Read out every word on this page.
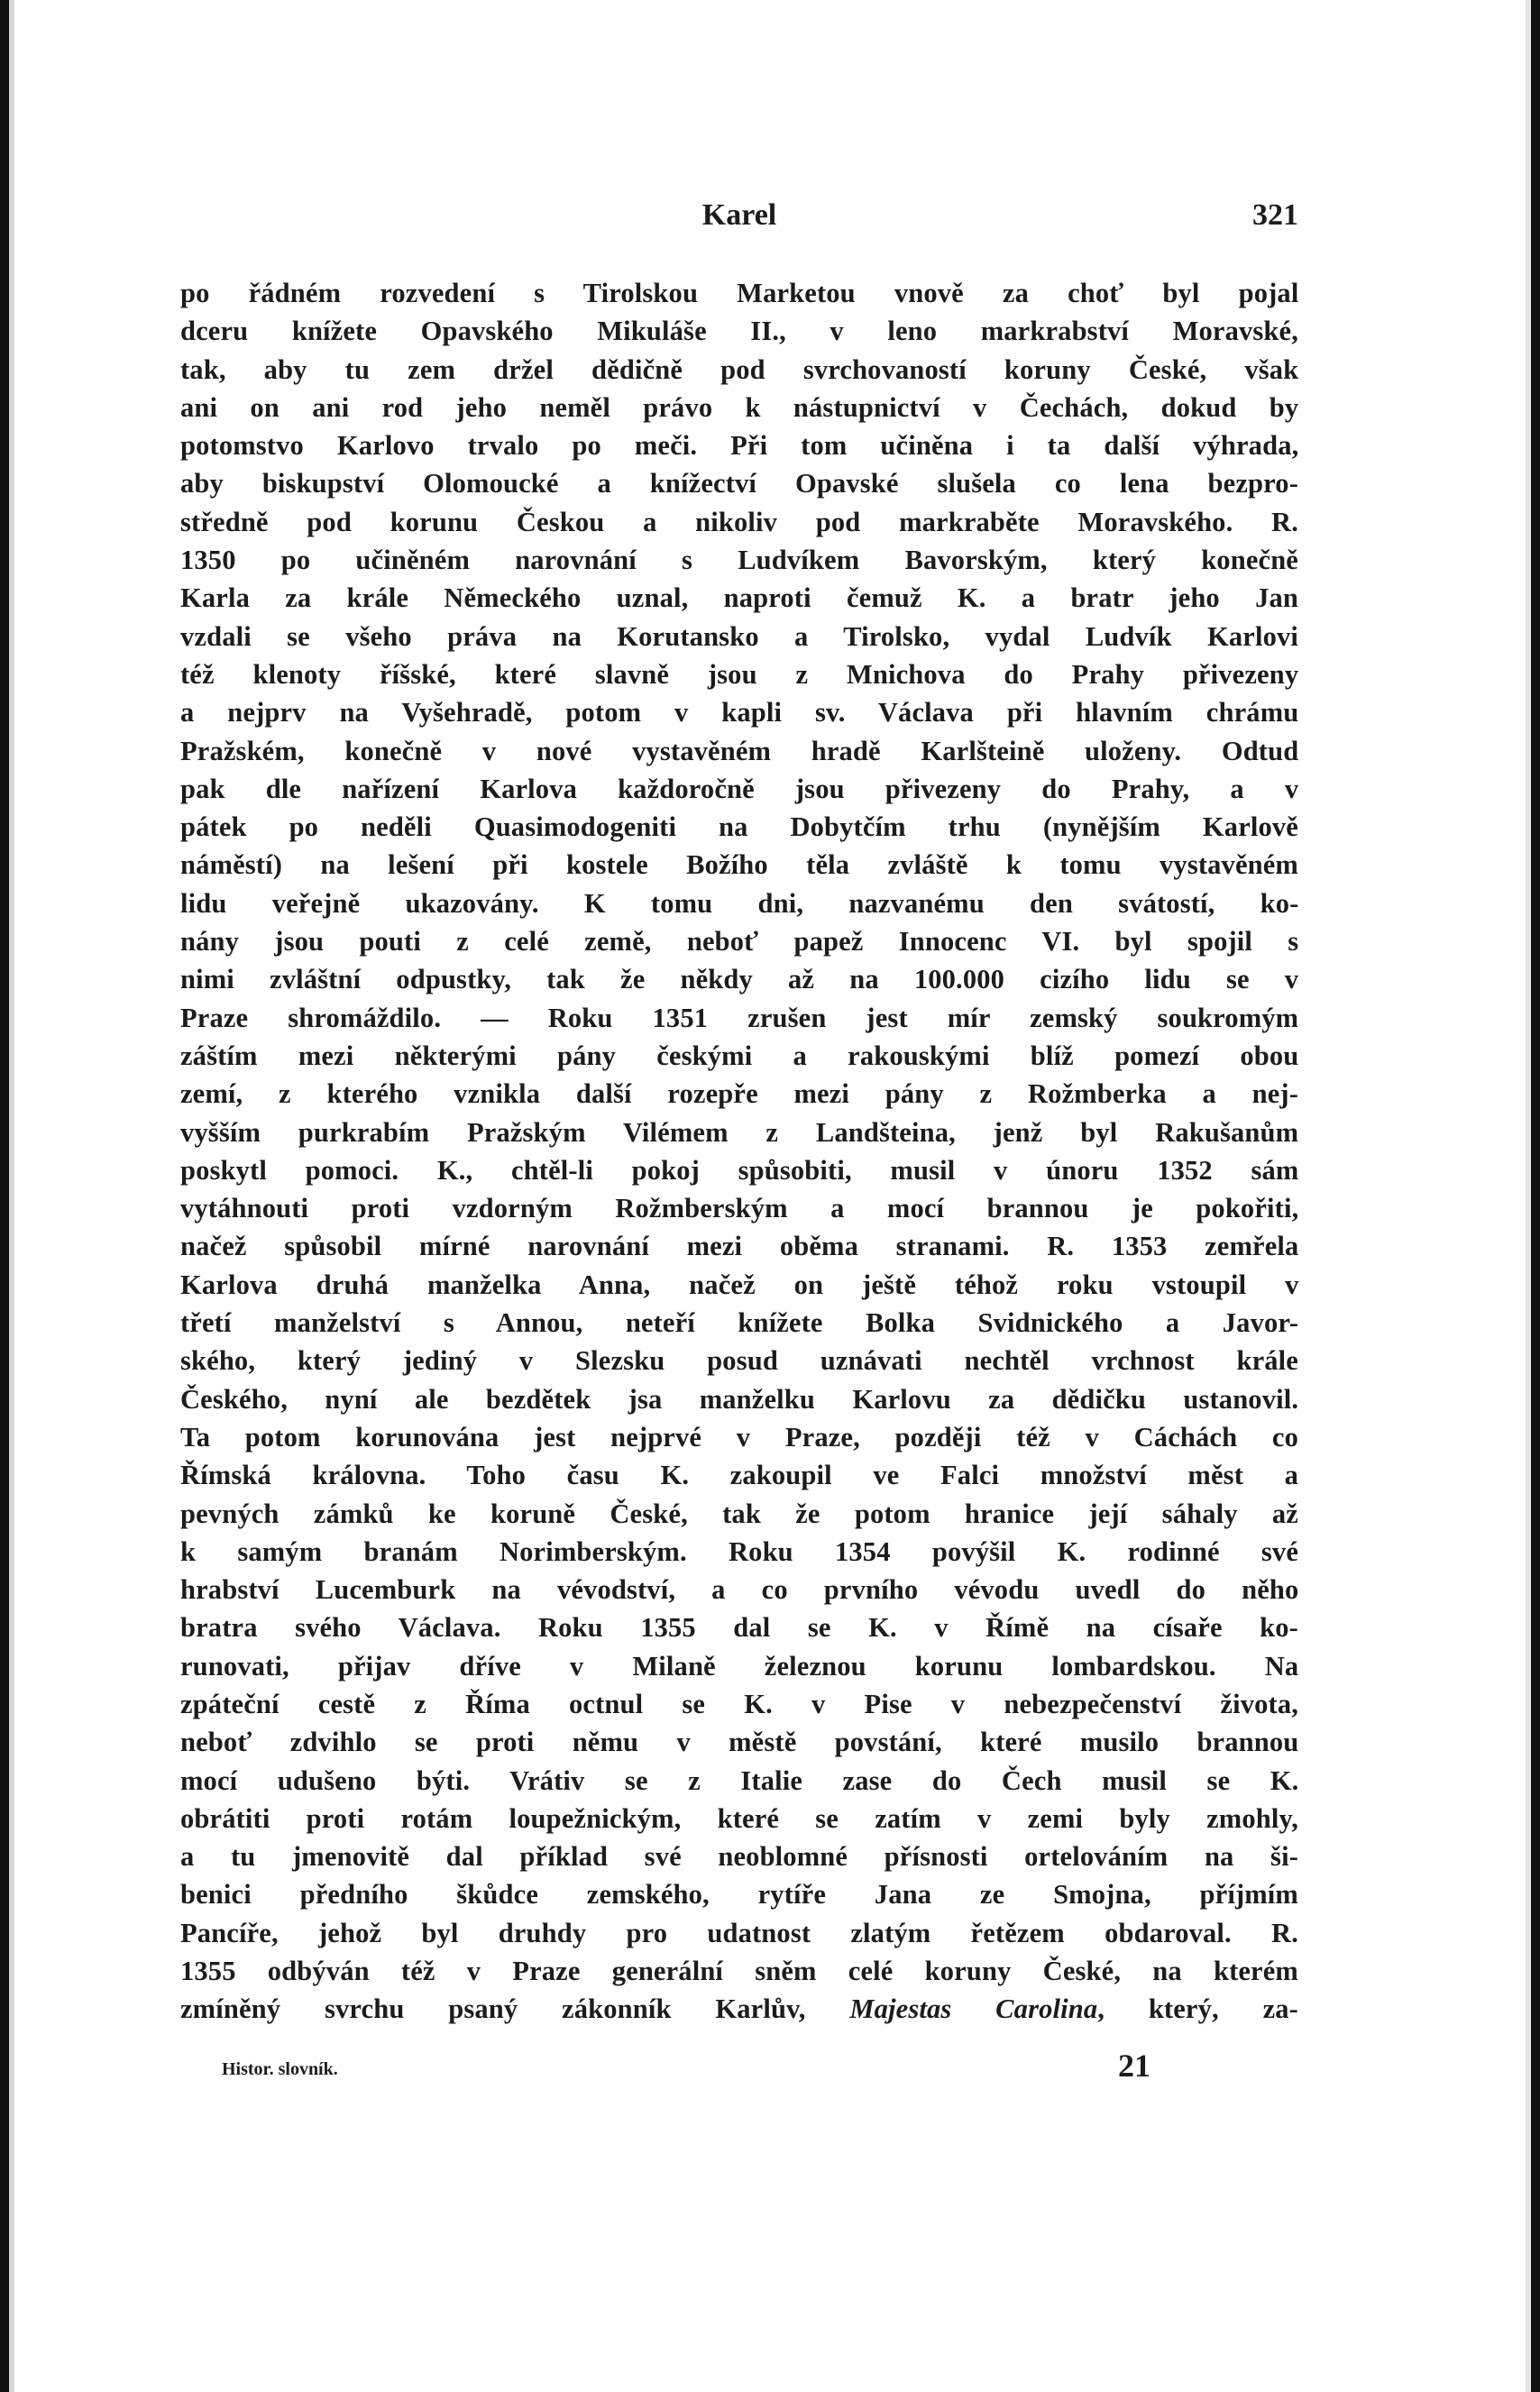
Karel	321
po řádném rozvedení s Tirolskou Marketou vnově za choť byl pojal
dceru knížete Opavského Mikuláše II., v leno markrabství Moravské,
tak, aby tu zem držel dědičně pod svrchovaností koruny České, však
ani on ani rod jeho neměl právo k nástupnictví v Čechách, dokud by
potomstvo Karlovo trvalo po meči. Při tom učiněna i ta další výhrada,
aby biskupství Olomoucké a knížectví Opavské slušela co lena bezpro-
středně pod korunu Českou a nikoliv pod markraběte Moravského. R.
1350 po učiněném narovnání s Ludvíkem Bavorským, který konečně
Karla za krále Německého uznal, naproti čemuž K. a bratr jeho Jan
vzdali se všeho práva na Korutansko a Tirolsko, vydal Ludvík Karlovi
též klenoty říšské, které slavně jsou z Mnichova do Prahy přivezeny
a nejprv na Vyšehradě, potom v kapli sv. Václava při hlavním chrámu
Pražském, konečně v nové vystavěném hradě Karlšteině uloženy. Odtud
pak dle nařízení Karlova každoročně jsou přivezeny do Prahy, a v
pátek po neděli Quasimodogeniti na Dobytčím trhu (nynějším Karlově
náměstí) na lešení při kostele Božího těla zvláště k tomu vystavěném
lidu veřejně ukazovány. K tomu dni, nazvanému den svátostí, ko-
nány jsou pouti z celé země, neboť papež Innocenc VI. byl spojil s
nimi zvláštní odpustky, tak že někdy až na 100.000 cizího lidu se v
Praze shromáždilo. — Roku 1351 zrušen jest mír zemský soukromým
záštím mezi některými pány českými a rakouskými blíž pomezí obou
zemí, z kterého vznikla další rozepře mezi pány z Rožmberka a nej-
vyšším purkrabím Pražským Vilémem z Landšteina, jenž byl Rakušanům
poskytl pomoci. K., chtěl-li pokoj spůsobiti, musil v únoru 1352 sám
vytáhnouti proti vzdorným Rožmberským a mocí brannou je pokořiti,
načež spůsobil mírné narovnání mezi oběma stranami. R. 1353 zemřela
Karlova druhá manželka Anna, načež on ještě téhož roku vstoupil v
třetí manželství s Annou, neteří knížete Bolka Svidnického a Javor-
ského, který jediný v Slezsku posud uznávati nechtěl vrchnost krále
Českého, nyní ale bezdětek jsa manželku Karlovu za dědičku ustanovil.
Ta potom korunována jest nejprvé v Praze, později též v Cáchách co
Římská královna. Toho času K. zakoupil ve Falci množství měst a
pevných zámků ke koruně České, tak že potom hranice její sáhaly až
k samým branám Norimberským. Roku 1354 povýšil K. rodinné své
hrabství Lucemburk na vévodství, a co prvního vévodu uvedl do něho
bratra svého Václava. Roku 1355 dal se K. v Římě na císaře ko-
runovati, přijav dříve v Milaně železnou korunu lombardskou. Na
zpáteční cestě z Říma octnul se K. v Pise v nebezpečenství života,
neboť zdvihlo se proti němu v městě povstání, které musilo brannou
mocí udušeno býti. Vrátiv se z Italie zase do Čech musil se K.
obrátiti proti rotám loupežnickým, které se zatím v zemi byly zmohly,
a tu jmenovitě dal příklad své neoblomné přísnosti ortelováním na ši-
benici předního škůdce zemského, rytíře Jana ze Smojna, příjmím
Pancíře, jehož byl druhdy pro udatnost zlatým řetězem obdaroval. R.
1355 odbýván též v Praze generální sněm celé koruny České, na kterém
zmíněný svrchu psaný zákonník Karlův, Majestas Carolina, který, za-
Histor. slovník.	21
